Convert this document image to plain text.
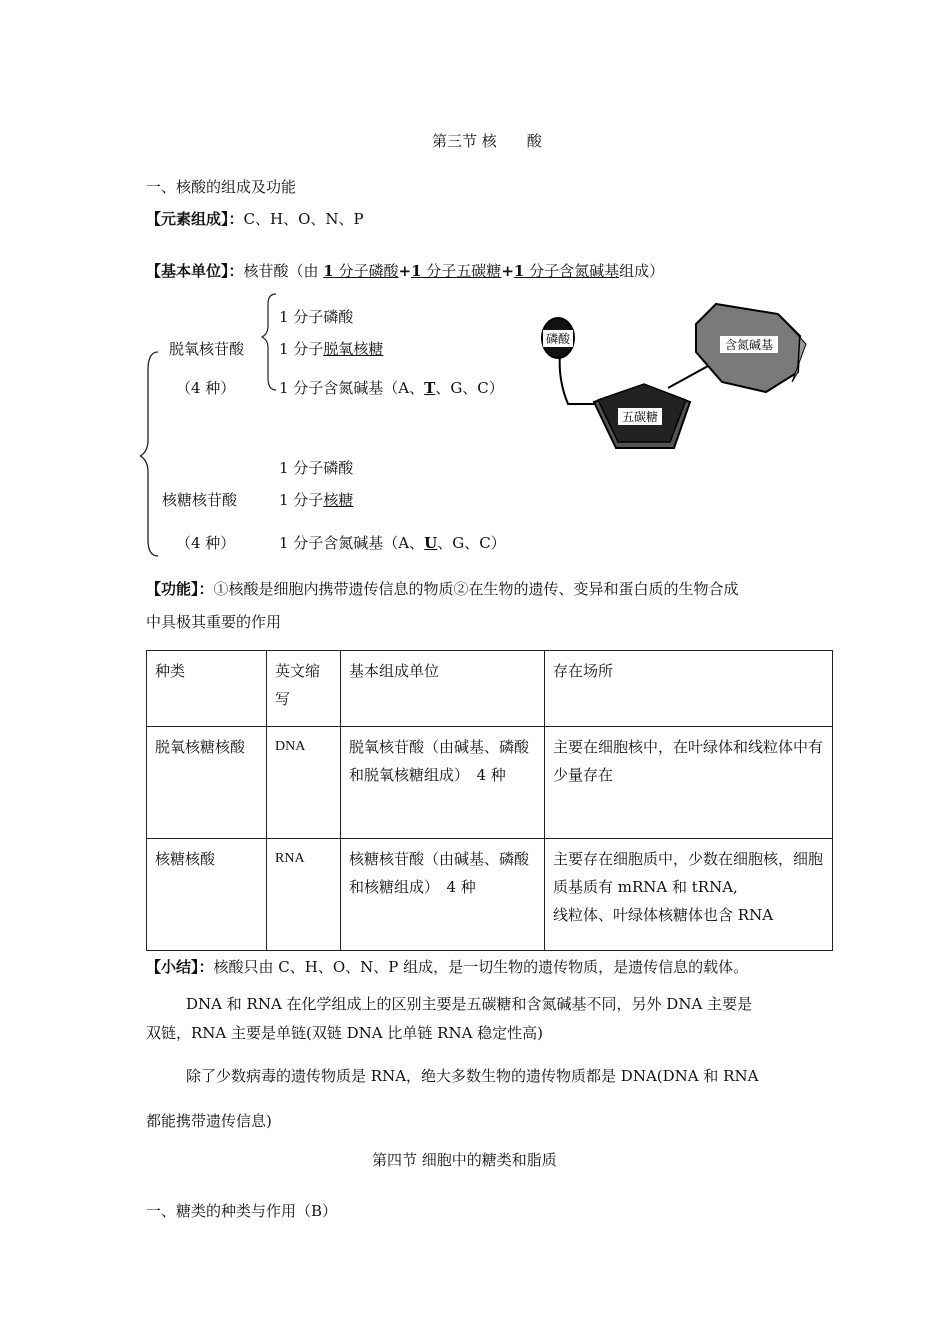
第三节 核　　酸
一、核酸的组成及功能
【元素组成】：C、H、O、N、P
【基本单位】：核苷酸（由 1 分子磷酸+1 分子五碳糖+1 分子含氮碱基组成）
脱氧核苷酸
（4 种）
1 分子磷酸
1 分子脱氧核糖
1 分子含氮碱基（A、T、G、C）
1 分子磷酸
核糖核苷酸	1 分子核糖
（4 种）	1 分子含氮碱基（A、U、G、C）
磷酸
五碳糖
含氮碱基
【功能】：①核酸是细胞内携带遗传信息的物质②在生物的遗传、变异和蛋白质的生物合成
中具极其重要的作用
种类	英文缩写	基本组成单位	存在场所
脱氧核糖核酸	DNA	脱氧核苷酸（由碱基、磷酸和脱氧核糖组成）　4 种	主要在细胞核中，在叶绿体和线粒体中有少量存在
核糖核酸	RNA	核糖核苷酸（由碱基、磷酸和核糖组成）　4 种	主要存在细胞质中，少数在细胞核，细胞质基质有 mRNA 和 tRNA,
线粒体、叶绿体核糖体也含 RNA
【小结】：核酸只由 C、H、O、N、P 组成，是一切生物的遗传物质，是遗传信息的载体。
DNA 和 RNA 在化学组成上的区别主要是五碳糖和含氮碱基不同，另外 DNA 主要是
双链，RNA 主要是单链(双链 DNA 比单链 RNA 稳定性高)
除了少数病毒的遗传物质是 RNA，绝大多数生物的遗传物质都是 DNA(DNA 和 RNA
都能携带遗传信息)
第四节 细胞中的糖类和脂质
一、糖类的种类与作用（B）
